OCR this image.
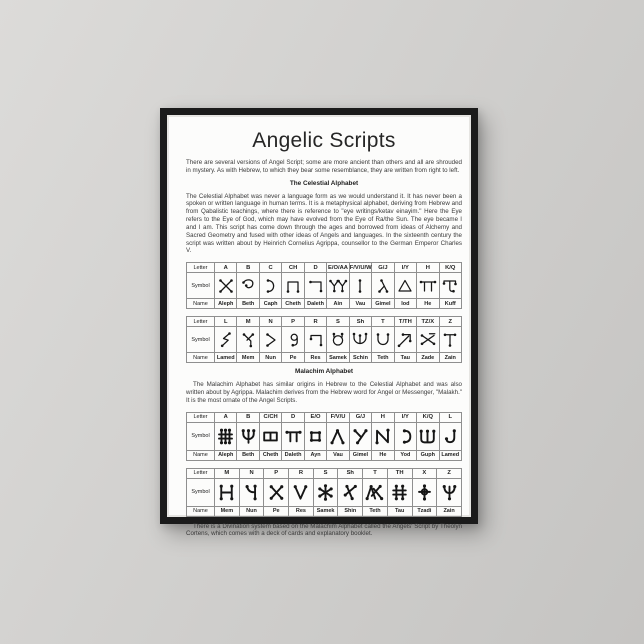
Angelic Scripts

There are several versions of Angel Script; some are more ancient than others and all are shrouded in mystery. As with Hebrew, to which they bear some resemblance, they are written from right to left.

The Celestial Alphabet

The Celestial Alphabet was never a language form as we would understand it. It has never been a spoken or written language in human terms. It is a metaphysical alphabet, deriving from Hebrew and from Qabalistic teachings, where there is reference to "eye writings/ketav einayim." Here the Eye refers to the Eye of God, which may have evolved from the Eye of Ra/the Sun. The eye became I and I am. This script has come down through the ages and borrowed from ideas of Alchemy and Sacred Geometry and fused with other ideas of Angels and languages. In the sixteenth century the script was written about by Heinrich Cornelius Agrippa, counsellor to the German Emperor Charles V.

Letter	A	B	C	CH	D	E/O/AA	F/V/U/W	G/J	I/Y	H	K/Q
Symbol	

Name	Aleph	Beth	Caph	Cheth	Daleth	Ain	Vau	Gimel	Iod	He	Kuff
Letter	L	M	N	P	R	S	Sh	T	T/TH	TZ/X	Z
Symbol	

Name	Lamed	Mem	Nun	Pe	Res	Samek	Schin	Teth	Tau	Zade	Zain
Malachim Alphabet

The Malachim Alphabet has similar origins in Hebrew to the Celestial Alphabet and was also written about by Agrippa. Malachim derives from the Hebrew word for Angel or Messenger, "Malakh." It is the most ornate of the Angel Scripts.

Letter	A	B	C/CH	D	E/O	F/V/U	G/J	H	I/Y	K/Q	L
Symbol	

Name	Aleph	Beth	Cheth	Daleth	Ayn	Vau	Gimel	He	Yod	Guph	Lamed
Letter	M	N	P	R	S	Sh	T	TH	X	Z
Symbol	

Name	Mem	Nun	Pe	Res	Samek	Shin	Teth	Tau	Tzadi	Zain

There is a Divination system based on the Malachim Alphabet called the Angels' Script by Theolyn Cortens, which comes with a deck of cards and explanatory booklet.
